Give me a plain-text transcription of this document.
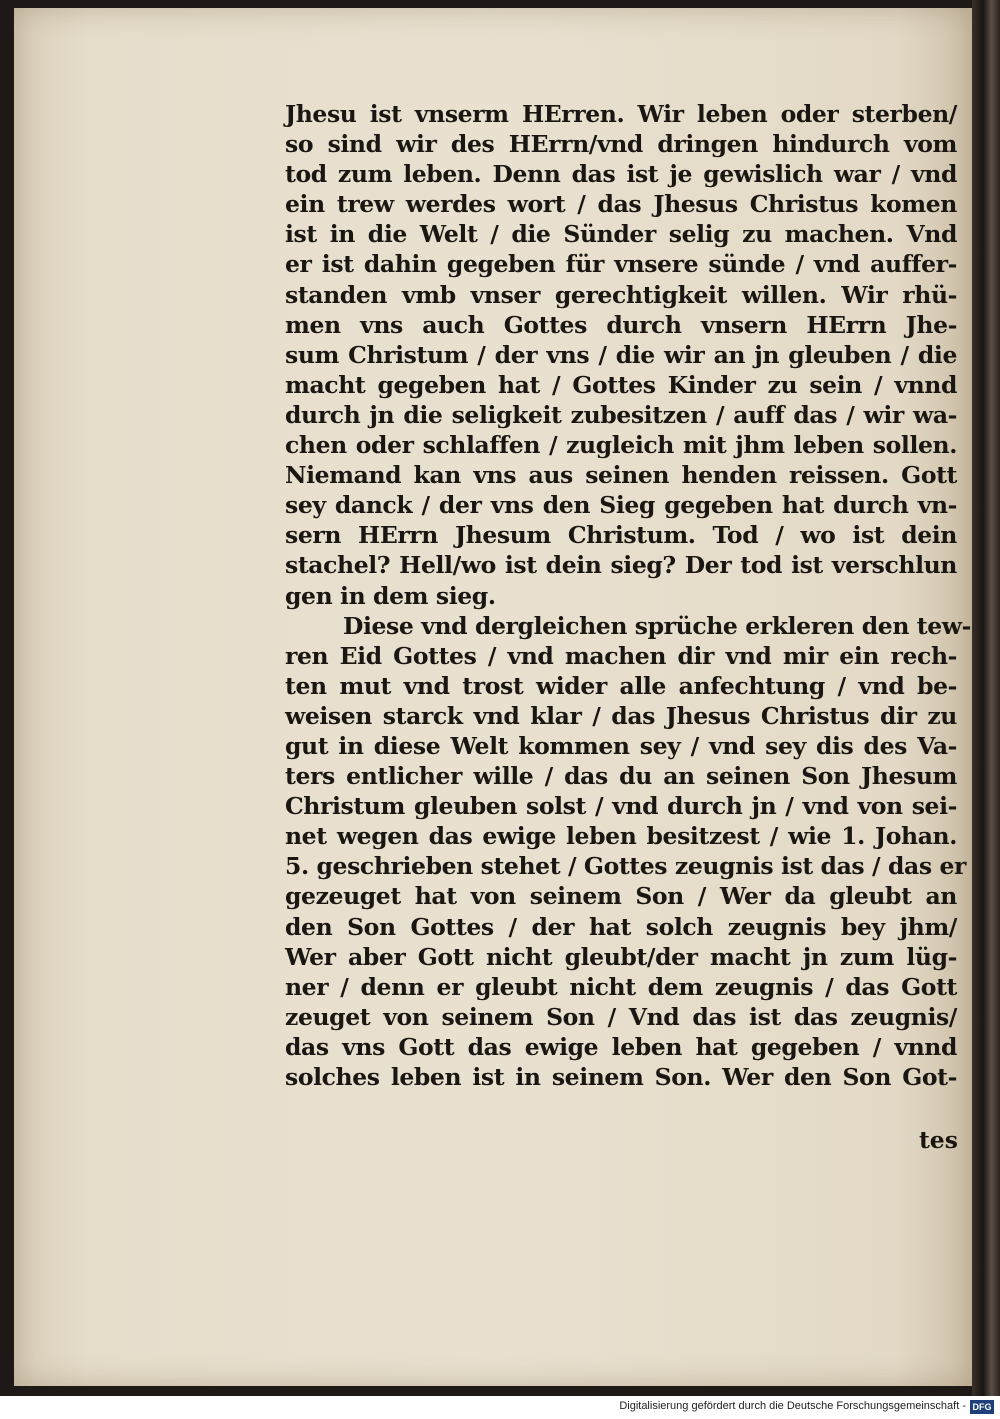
Jhesu ist vnserm HErren. Wir leben oder sterben/
so sind wir des HErrn/vnd dringen hindurch vom
tod zum leben. Denn das ist je gewislich war / vnd
ein trew werdes wort / das Jhesus Christus komen
ist in die Welt / die Sünder selig zu machen. Vnd
er ist dahin gegeben für vnsere sünde / vnd auffer-
standen vmb vnser gerechtigkeit willen. Wir rhü-
men vns auch Gottes durch vnsern HErrn Jhe-
sum Christum / der vns / die wir an jn gleuben / die
macht gegeben hat / Gottes Kinder zu sein / vnnd
durch jn die seligkeit zubesitzen / auff das / wir wa-
chen oder schlaffen / zugleich mit jhm leben sollen.
Niemand kan vns aus seinen henden reissen. Gott
sey danck / der vns den Sieg gegeben hat durch vn-
sern HErrn Jhesum Christum. Tod / wo ist dein
stachel? Hell/wo ist dein sieg? Der tod ist verschlun
gen in dem sieg.
Diese vnd dergleichen sprüche erkleren den tew-
ren Eid Gottes / vnd machen dir vnd mir ein rech-
ten mut vnd trost wider alle anfechtung / vnd be-
weisen starck vnd klar / das Jhesus Christus dir zu
gut in diese Welt kommen sey / vnd sey dis des Va-
ters entlicher wille / das du an seinen Son Jhesum
Christum gleuben solst / vnd durch jn / vnd von sei-
net wegen das ewige leben besitzest / wie 1. Johan.
5. geschrieben stehet / Gottes zeugnis ist das / das er
gezeuget hat von seinem Son / Wer da gleubt an
den Son Gottes / der hat solch zeugnis bey jhm/
Wer aber Gott nicht gleubt/der macht jn zum lüg-
ner / denn er gleubt nicht dem zeugnis / das Gott
zeuget von seinem Son / Vnd das ist das zeugnis/
das vns Gott das ewige leben hat gegeben / vnnd
solches leben ist in seinem Son. Wer den Son Got-
tes
Digitalisierung gefördert durch die Deutsche Forschungsgemeinschaft - DFG
